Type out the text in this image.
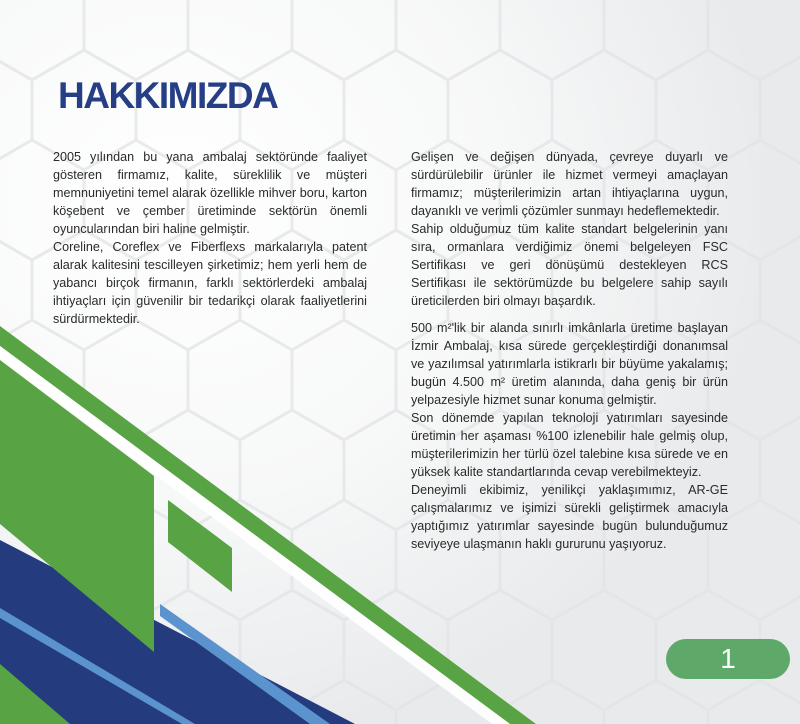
HAKKIMIZDA

2005 yılından bu yana ambalaj sektöründe faaliyet gösteren firmamız, kalite, süreklilik ve müşteri memnuniyetini temel alarak özellikle mihver boru, karton köşebent ve çember üretiminde sektörün önemli oyuncularından biri haline gelmiştir.

Coreline, Coreflex ve Fiberflexs markalarıyla patent alarak kalitesini tescilleyen şirketimiz; hem yerli hem de yabancı birçok firmanın, farklı sektörlerdeki ambalaj ihtiyaçları için güvenilir bir tedarikçi olarak faaliyetlerini sürdürmektedir.

Gelişen ve değişen dünyada, çevreye duyarlı ve sürdürülebilir ürünler ile hizmet vermeyi amaçlayan firmamız; müşterilerimizin artan ihtiyaçlarına uygun, dayanıklı ve verimli çözümler sunmayı hedeflemektedir.

Sahip olduğumuz tüm kalite standart belgelerinin yanı sıra, ormanlara verdiğimiz önemi belgeleyen FSC Sertifikası ve geri dönüşümü destekleyen RCS Sertifikası ile sektörümüzde bu belgelere sahip sayılı üreticilerden biri olmayı başardık.

500 m²'lik bir alanda sınırlı imkânlarla üretime başlayan İzmir Ambalaj, kısa sürede gerçekleştirdiği donanımsal ve yazılımsal yatırımlarla istikrarlı bir büyüme yakalamış; bugün 4.500 m² üretim alanında, daha geniş bir ürün yelpazesiyle hizmet sunar konuma gelmiştir.

Son dönemde yapılan teknoloji yatırımları sayesinde üretimin her aşaması %100 izlenebilir hale gelmiş olup, müşterilerimizin her türlü özel talebine kısa sürede ve en yüksek kalite standartlarında cevap verebilmekteyiz.

Deneyimli ekibimiz, yenilikçi yaklaşımımız, AR-GE çalışmalarımız ve işimizi sürekli geliştirmek amacıyla yaptığımız yatırımlar sayesinde bugün bulunduğumuz seviyeye ulaşmanın haklı gururunu yaşıyoruz.

1
